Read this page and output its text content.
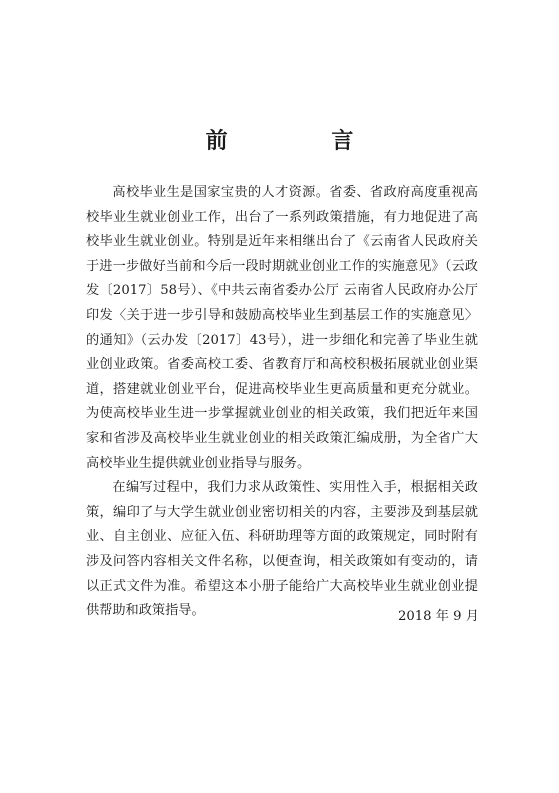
前 言

高校毕业生是国家宝贵的人才资源。省委、省政府高度重视高校毕业生就业创业工作，出台了一系列政策措施，有力地促进了高校毕业生就业创业。特别是近年来相继出台了《云南省人民政府关于进一步做好当前和今后一段时期就业创业工作的实施意见》（云政发〔2017〕58号）、《中共云南省委办公厅 云南省人民政府办公厅印发〈关于进一步引导和鼓励高校毕业生到基层工作的实施意见〉的通知》（云办发〔2017〕43号），进一步细化和完善了毕业生就业创业政策。省委高校工委、省教育厅和高校积极拓展就业创业渠道，搭建就业创业平台，促进高校毕业生更高质量和更充分就业。为使高校毕业生进一步掌握就业创业的相关政策，我们把近年来国家和省涉及高校毕业生就业创业的相关政策汇编成册，为全省广大高校毕业生提供就业创业指导与服务。

在编写过程中，我们力求从政策性、实用性入手，根据相关政策，编印了与大学生就业创业密切相关的内容，主要涉及到基层就业、自主创业、应征入伍、科研助理等方面的政策规定，同时附有涉及问答内容相关文件名称，以便查询，相关政策如有变动的，请以正式文件为准。希望这本小册子能给广大高校毕业生就业创业提供帮助和政策指导。	2018 年 9 月
